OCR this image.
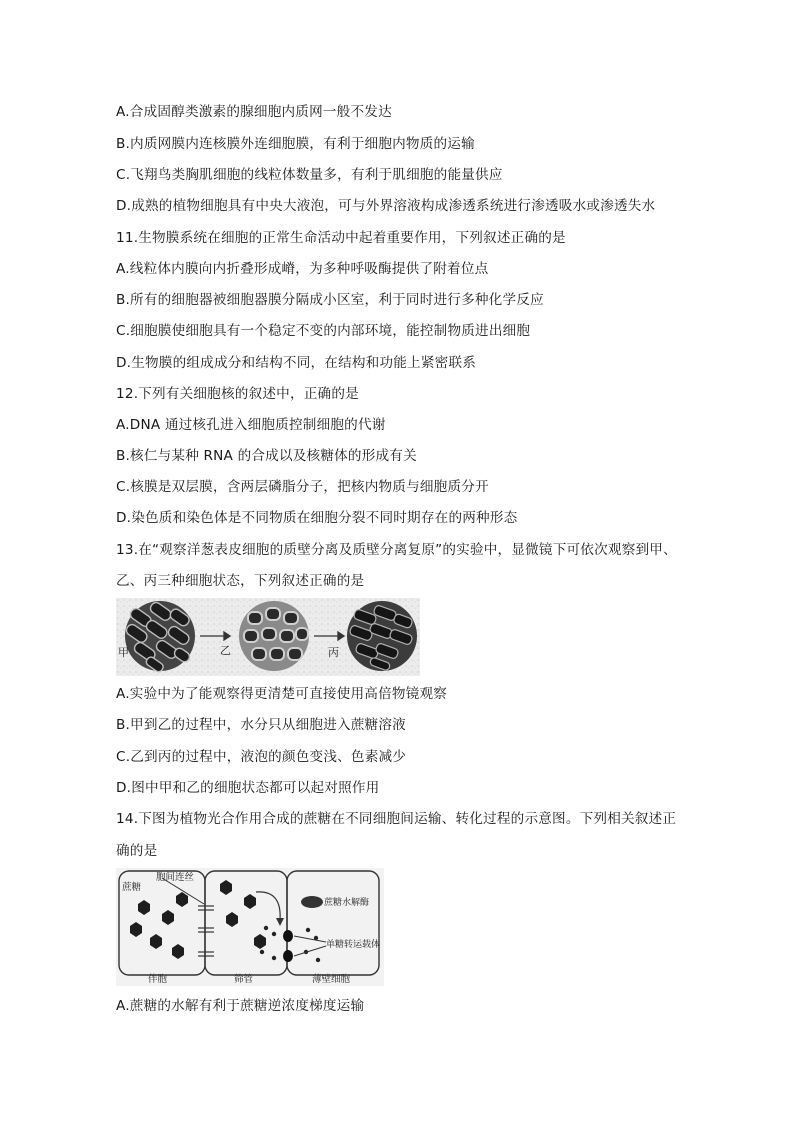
A.合成固醇类激素的腺细胞内质网一般不发达
B.内质网膜内连核膜外连细胞膜，有利于细胞内物质的运输
C.飞翔鸟类胸肌细胞的线粒体数量多，有利于肌细胞的能量供应
D.成熟的植物细胞具有中央大液泡，可与外界溶液构成渗透系统进行渗透吸水或渗透失水
11.生物膜系统在细胞的正常生命活动中起着重要作用，下列叙述正确的是
A.线粒体内膜向内折叠形成嵴，为多种呼吸酶提供了附着位点
B.所有的细胞器被细胞器膜分隔成小区室，利于同时进行多种化学反应
C.细胞膜使细胞具有一个稳定不变的内部环境，能控制物质进出细胞
D.生物膜的组成成分和结构不同，在结构和功能上紧密联系
12.下列有关细胞核的叙述中，正确的是
A.DNA 通过核孔进入细胞质控制细胞的代谢
B.核仁与某种 RNA 的合成以及核糖体的形成有关
C.核膜是双层膜，含两层磷脂分子，把核内物质与细胞质分开
D.染色质和染色体是不同物质在细胞分裂不同时期存在的两种形态
13.在“观察洋葱表皮细胞的质壁分离及质壁分离复原”的实验中，显微镜下可依次观察到甲、
乙、丙三种细胞状态，下列叙述正确的是
A.实验中为了能观察得更清楚可直接使用高倍物镜观察
B.甲到乙的过程中，水分只从细胞进入蔗糖溶液
C.乙到丙的过程中，液泡的颜色变浅、色素减少
D.图中甲和乙的细胞状态都可以起对照作用
14.下图为植物光合作用合成的蔗糖在不同细胞间运输、转化过程的示意图。下列相关叙述正
确的是
A.蔗糖的水解有利于蔗糖逆浓度梯度运输
甲	乙	丙
蔗糖
胞间连丝
蔗糖水解酶
单糖转运载体
伴胞	筛管	薄壁细胞
